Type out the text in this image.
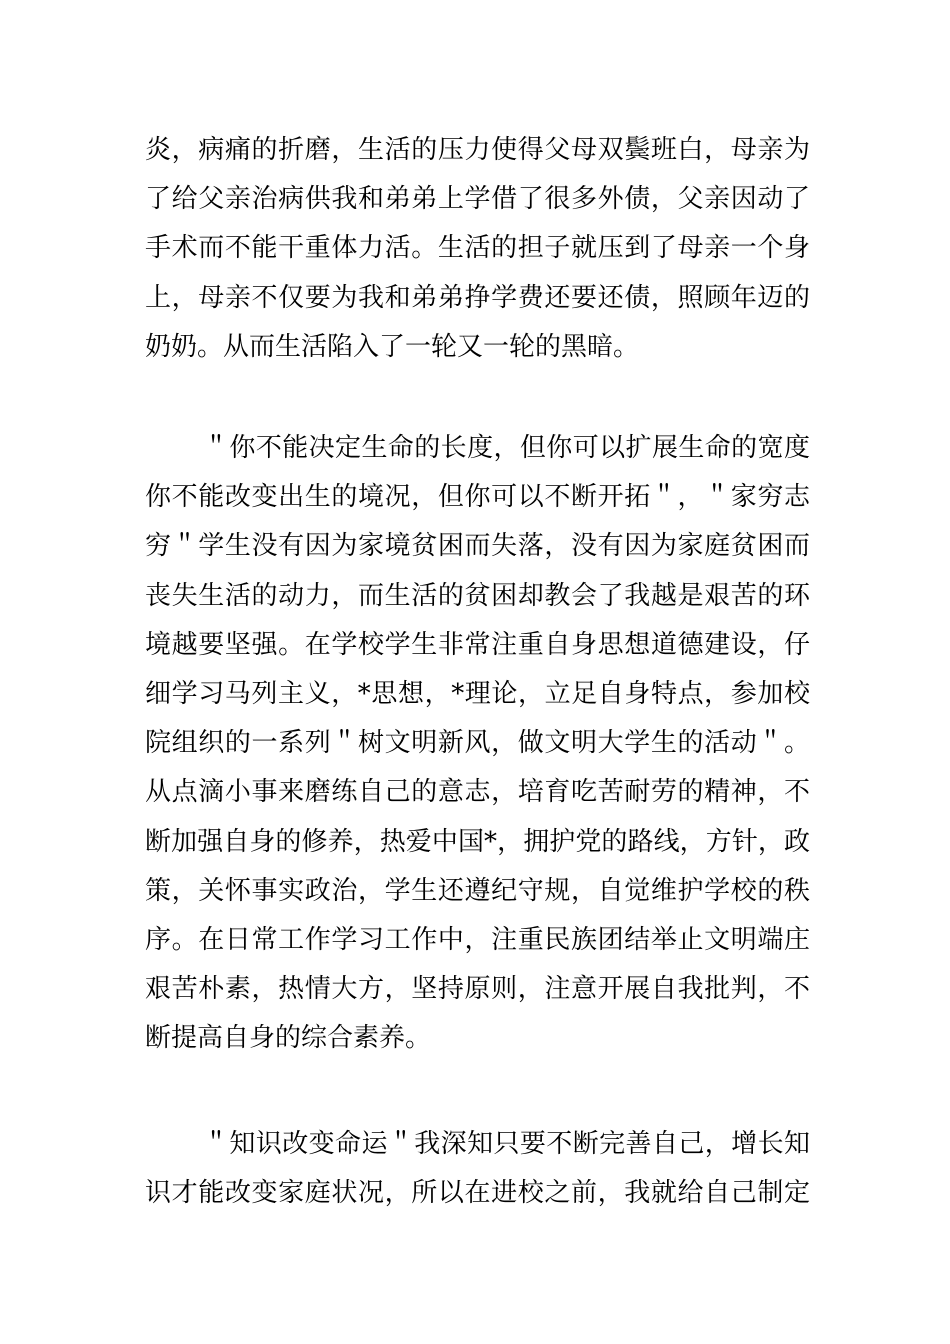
炎，病痛的折磨，生活的压力使得父母双鬓班白，母亲为
了给父亲治病供我和弟弟上学借了很多外债，父亲因动了
手术而不能干重体力活。生活的担子就压到了母亲一个身
上，母亲不仅要为我和弟弟挣学费还要还债，照顾年迈的
奶奶。从而生活陷入了一轮又一轮的黑暗。
＂你不能决定生命的长度，但你可以扩展生命的宽度
你不能改变出生的境况，但你可以不断开拓＂，＂家穷志
穷＂学生没有因为家境贫困而失落，没有因为家庭贫困而
丧失生活的动力，而生活的贫困却教会了我越是艰苦的环
境越要坚强。在学校学生非常注重自身思想道德建设，仔
细学习马列主义，*思想，*理论，立足自身特点，参加校
院组织的一系列＂树文明新风，做文明大学生的活动＂。
从点滴小事来磨练自己的意志，培育吃苦耐劳的精神，不
断加强自身的修养，热爱中国*，拥护党的路线，方针，政
策，关怀事实政治，学生还遵纪守规，自觉维护学校的秩
序。在日常工作学习工作中，注重民族团结举止文明端庄
艰苦朴素，热情大方，坚持原则，注意开展自我批判，不
断提高自身的综合素养。
＂知识改变命运＂我深知只要不断完善自己，增长知
识才能改变家庭状况，所以在进校之前，我就给自己制定
